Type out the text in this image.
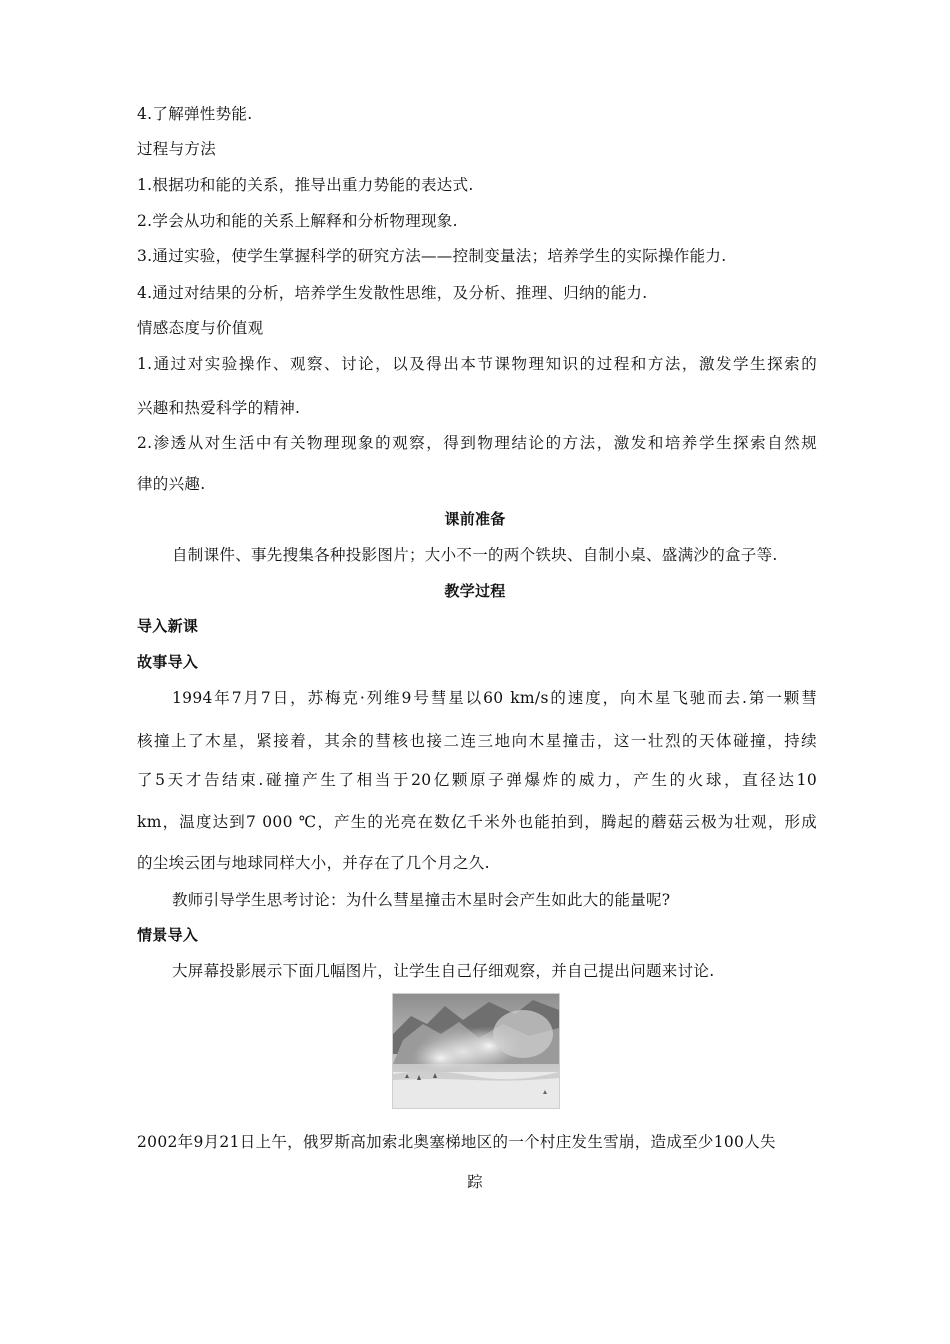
4.了解弹性势能.
过程与方法
1.根据功和能的关系，推导出重力势能的表达式.
2.学会从功和能的关系上解释和分析物理现象.
3.通过实验，使学生掌握科学的研究方法——控制变量法；培养学生的实际操作能力.
4.通过对结果的分析，培养学生发散性思维，及分析、推理、归纳的能力.
情感态度与价值观
1.通过对实验操作、观察、讨论，以及得出本节课物理知识的过程和方法，激发学生探索的
兴趣和热爱科学的精神.
2.渗透从对生活中有关物理现象的观察，得到物理结论的方法，激发和培养学生探索自然规
律的兴趣.
课前准备
自制课件、事先搜集各种投影图片；大小不一的两个铁块、自制小桌、盛满沙的盒子等.
教学过程
导入新课
故事导入
1994年7月7日，苏梅克·列维9号彗星以60 km/s的速度，向木星飞驰而去.第一颗彗
核撞上了木星，紧接着，其余的彗核也接二连三地向木星撞击，这一壮烈的天体碰撞，持续
了5天才告结束.碰撞产生了相当于20亿颗原子弹爆炸的威力，产生的火球，直径达10
km，温度达到7 000 ℃，产生的光亮在数亿千米外也能拍到，腾起的蘑菇云极为壮观，形成
的尘埃云团与地球同样大小，并存在了几个月之久.
教师引导学生思考讨论：为什么彗星撞击木星时会产生如此大的能量呢?
情景导入
大屏幕投影展示下面几幅图片，让学生自己仔细观察，并自己提出问题来讨论.
2002年9月21日上午，俄罗斯高加索北奥塞梯地区的一个村庄发生雪崩，造成至少100人失
踪
